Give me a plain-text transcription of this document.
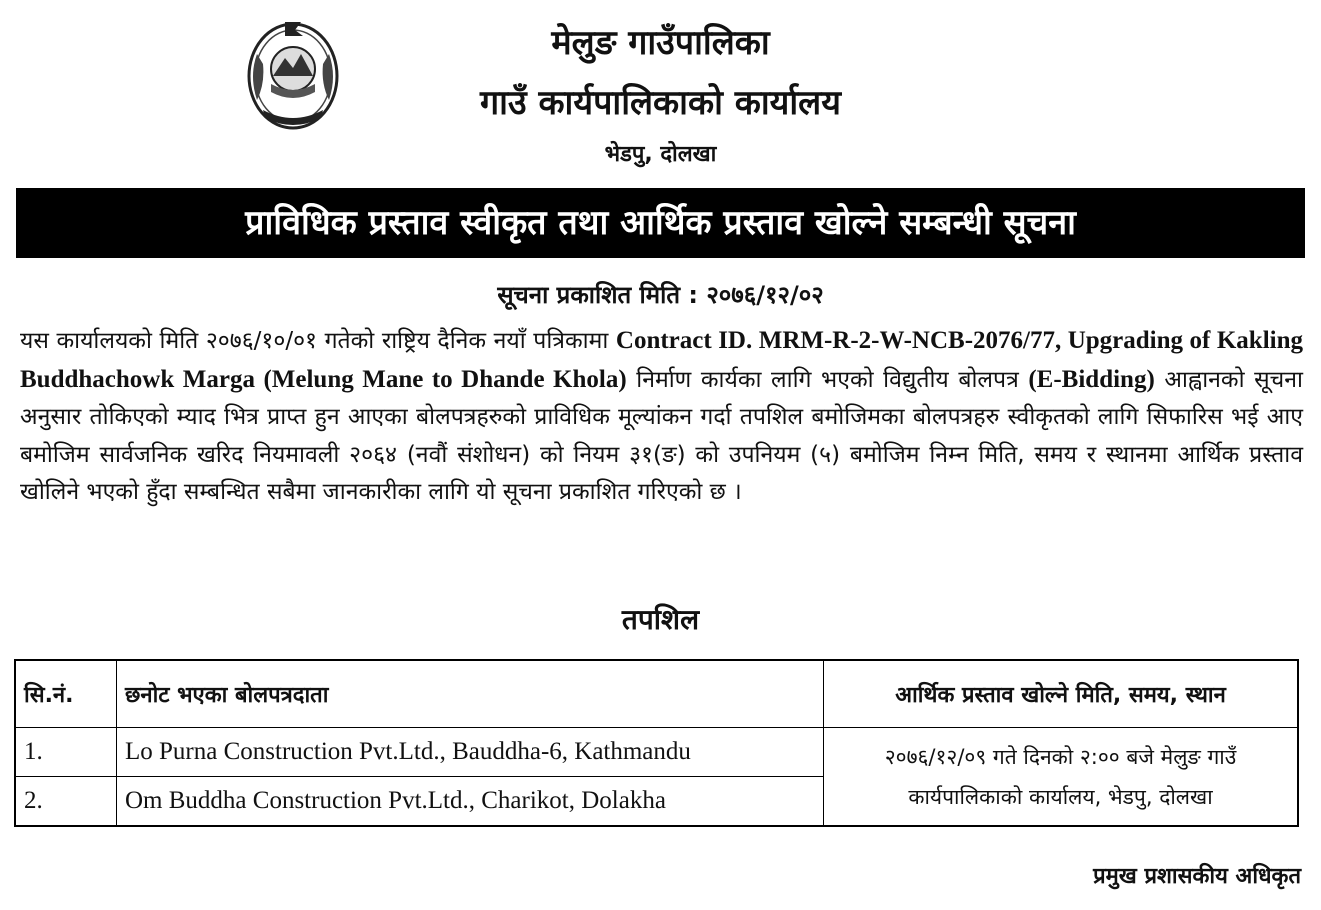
मेलुङ गाउँपालिका
गाउँ कार्यपालिकाको कार्यालय
भेडपु, दोलखा
प्राविधिक प्रस्ताव स्वीकृत तथा आर्थिक प्रस्ताव खोल्ने सम्बन्धी सूचना
सूचना प्रकाशित मिति : २०७६/१२/०२
यस कार्यालयको मिति २०७६/१०/०१ गतेको राष्ट्रिय दैनिक नयाँ पत्रिकामा Contract ID. MRM-R-2-W-NCB-2076/77, Upgrading of Kakling Buddhachowk Marga (Melung Mane to Dhande Khola) निर्माण कार्यका लागि भएको विद्युतीय बोलपत्र (E-Bidding) आह्वानको सूचना अनुसार तोकिएको म्याद भित्र प्राप्त हुन आएका बोलपत्रहरुको प्राविधिक मूल्यांकन गर्दा तपशिल बमोजिमका बोलपत्रहरु स्वीकृतको लागि सिफारिस भई आए बमोजिम सार्वजनिक खरिद नियमावली २०६४ (नवौं संशोधन) को नियम ३१(ङ) को उपनियम (५) बमोजिम निम्न मिति, समय र स्थानमा आर्थिक प्रस्ताव खोलिने भएको हुँदा सम्बन्धित सबैमा जानकारीका लागि यो सूचना प्रकाशित गरिएको छ ।
तपशिल
सि.नं.	छनोट भएका बोलपत्रदाता	आर्थिक प्रस्ताव खोल्ने मिति, समय, स्थान
1.	Lo Purna Construction Pvt.Ltd., Bauddha-6, Kathmandu	२०७६/१२/०९ गते दिनको २:०० बजे मेलुङ गाउँ कार्यपालिकाको कार्यालय, भेडपु, दोलखा
2.	Om Buddha Construction Pvt.Ltd., Charikot, Dolakha	
प्रमुख प्रशासकीय अधिकृत
